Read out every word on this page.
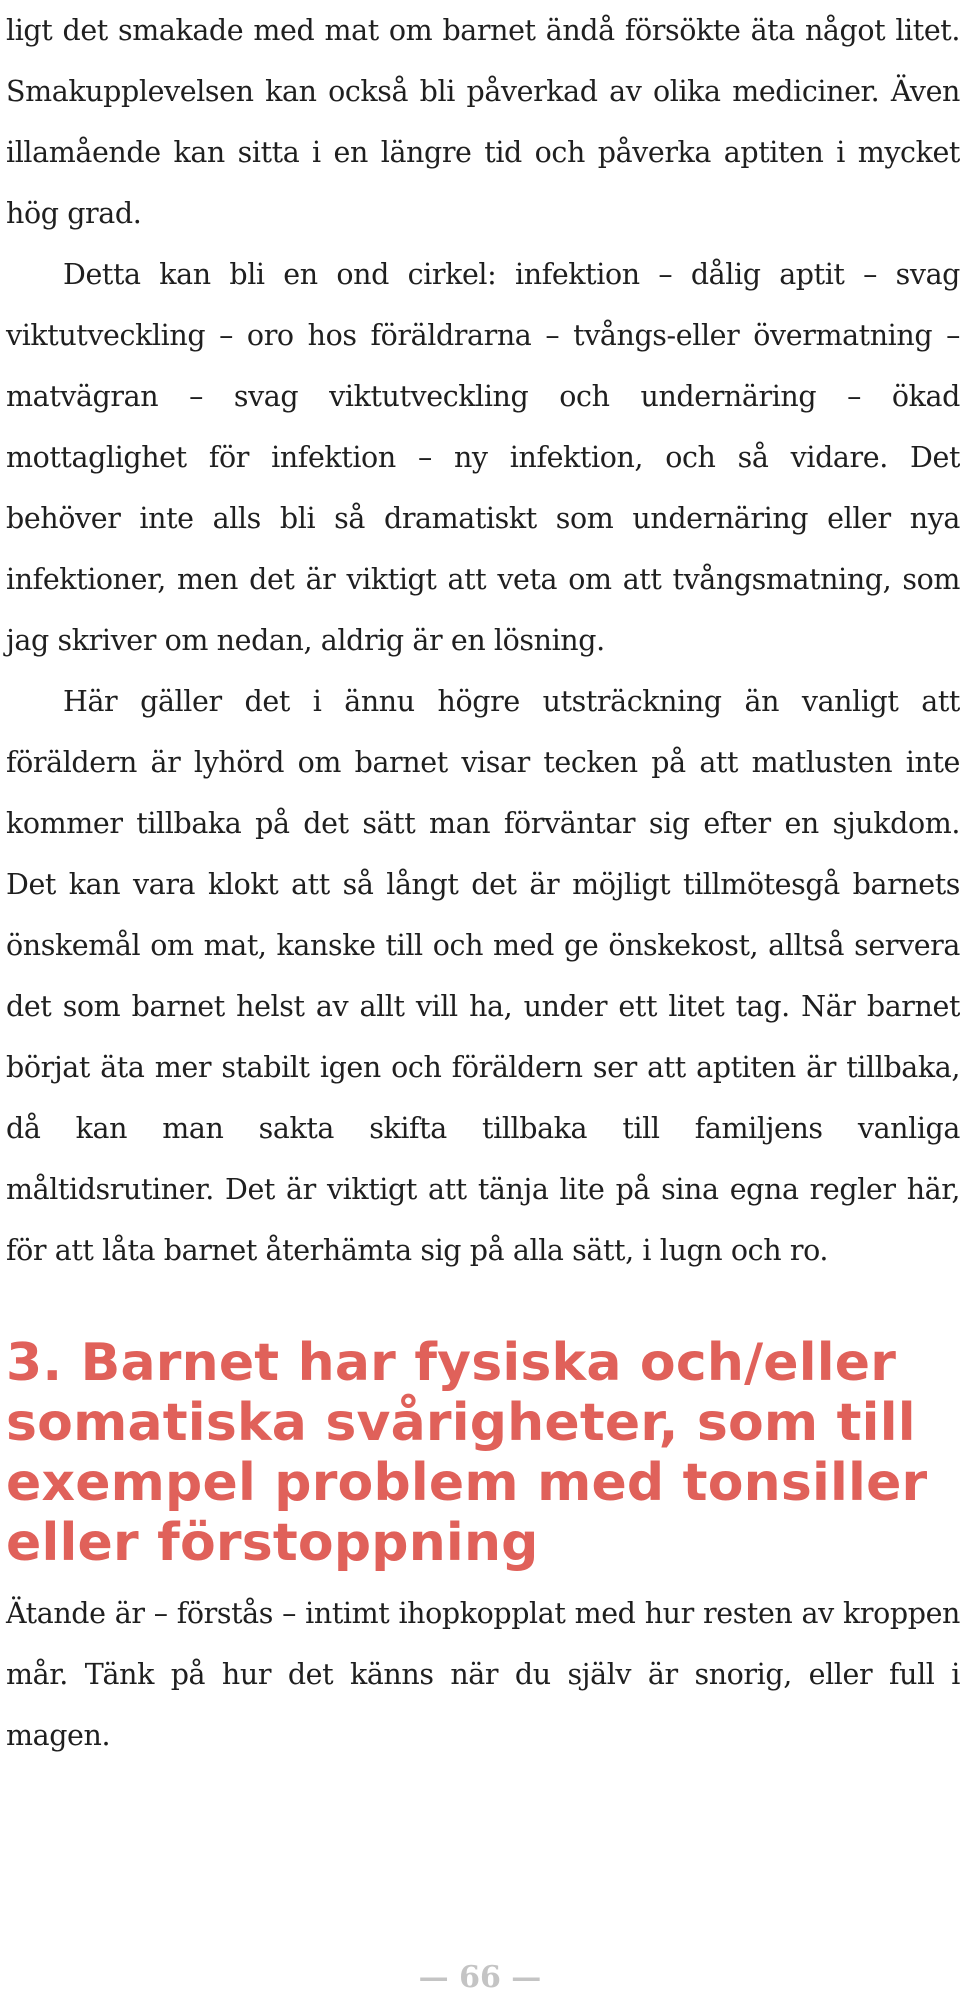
ligt det smakade med mat om barnet ändå försökte äta något litet. Smakupplevelsen kan också bli påverkad av olika mediciner. Även illamående kan sitta i en längre tid och påverka aptiten i mycket hög grad.

Detta kan bli en ond cirkel: infektion – dålig aptit – svag viktutveckling – oro hos föräldrarna – tvångs-eller övermatning – matvägran – svag viktutveckling och undernäring – ökad mottaglighet för infektion – ny infektion, och så vidare. Det behöver inte alls bli så dramatiskt som undernäring eller nya infektioner, men det är viktigt att veta om att tvångsmatning, som jag skriver om nedan, aldrig är en lösning.

Här gäller det i ännu högre utsträckning än vanligt att föräldern är lyhörd om barnet visar tecken på att matlusten inte kommer tillbaka på det sätt man förväntar sig efter en sjukdom. Det kan vara klokt att så långt det är möjligt tillmötesgå barnets önskemål om mat, kanske till och med ge önskekost, alltså servera det som barnet helst av allt vill ha, under ett litet tag. När barnet börjat äta mer stabilt igen och föräldern ser att aptiten är tillbaka, då kan man sakta skifta tillbaka till familjens vanliga måltidsrutiner. Det är viktigt att tänja lite på sina egna regler här, för att låta barnet återhämta sig på alla sätt, i lugn och ro.

3. Barnet har fysiska och/eller somatiska svårigheter, som till exempel problem med tonsiller eller förstoppning

Ätande är – förstås – intimt ihopkopplat med hur resten av kroppen mår. Tänk på hur det känns när du själv är snorig, eller full i magen.

— 66 —
